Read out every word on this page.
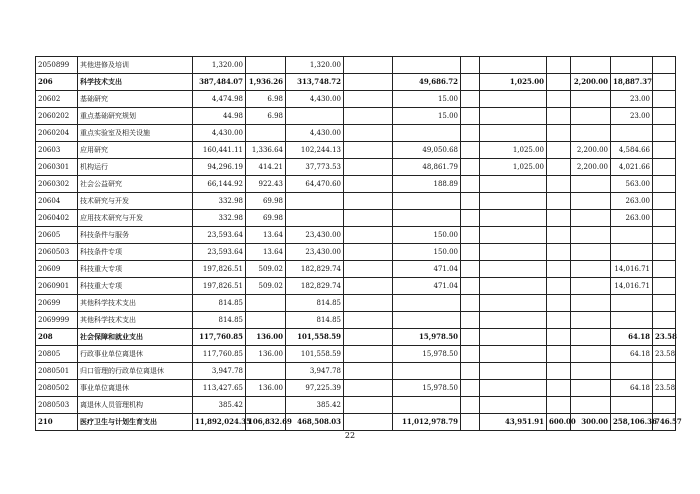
2050899	其他进修及培训	1,320.00		1,320.00								
206	科学技术支出	387,484.07	1,936.26	313,748.72		49,686.72		1,025.00		2,200.00	18,887.37	
20602	基础研究	4,474.98	6.98	4,430.00		15.00					23.00	
2060202	重点基础研究规划	44.98	6.98			15.00					23.00	
2060204	重点实验室及相关设施	4,430.00		4,430.00								
20603	应用研究	160,441.11	1,336.64	102,244.13		49,050.68		1,025.00		2,200.00	4,584.66	
2060301	机构运行	94,296.19	414.21	37,773.53		48,861.79		1,025.00		2,200.00	4,021.66	
2060302	社会公益研究	66,144.92	922.43	64,470.60		188.89					563.00	
20604	技术研究与开发	332.98	69.98								263.00	
2060402	应用技术研究与开发	332.98	69.98								263.00	
20605	科技条件与服务	23,593.64	13.64	23,430.00		150.00						
2060503	科技条件专项	23,593.64	13.64	23,430.00		150.00						
20609	科技重大专项	197,826.51	509.02	182,829.74		471.04					14,016.71	
2060901	科技重大专项	197,826.51	509.02	182,829.74		471.04					14,016.71	
20699	其他科学技术支出	814.85		814.85								
2069999	其他科学技术支出	814.85		814.85								
208	社会保障和就业支出	117,760.85	136.00	101,558.59		15,978.50					64.18	23.58
20805	行政事业单位离退休	117,760.85	136.00	101,558.59		15,978.50					64.18	23.58
2080501	归口管理的行政单位离退休	3,947.78		3,947.78								
2080502	事业单位离退休	113,427.65	136.00	97,225.39		15,978.50					64.18	23.58
2080503	离退休人员管理机构	385.42		385.42								
210	医疗卫生与计划生育支出	11,892,024.35	106,832.69	468,508.03		11,012,978.79		43,951.91	600.00	300.00	258,106.36	746.57
22
